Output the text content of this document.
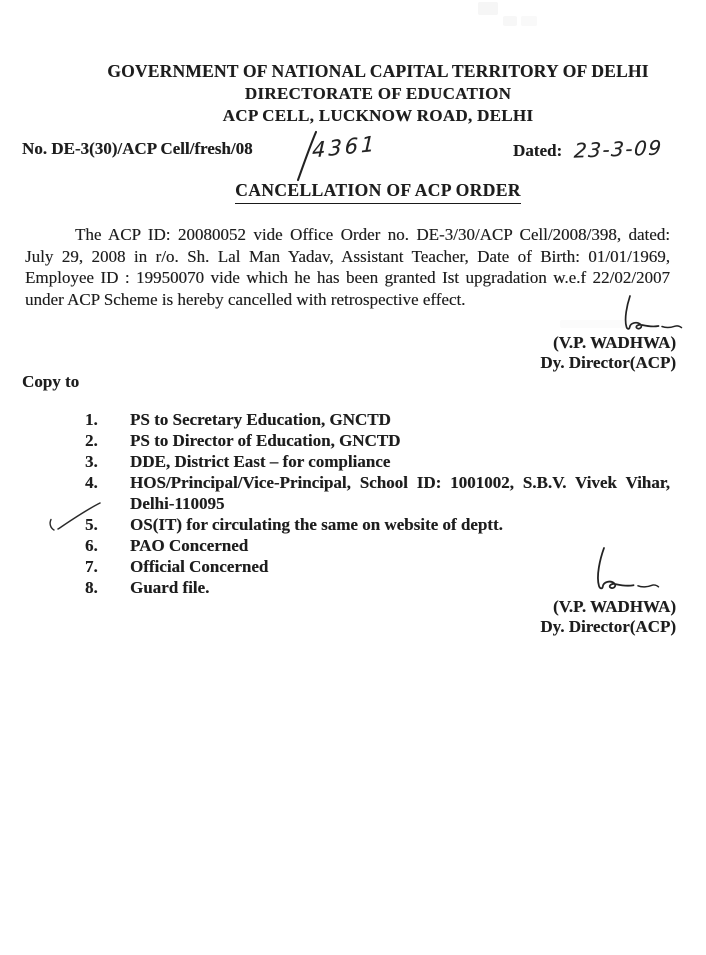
GOVERNMENT OF NATIONAL CAPITAL TERRITORY OF DELHI
DIRECTORATE OF EDUCATION
ACP CELL, LUCKNOW ROAD, DELHI
No. DE-3(30)/ACP Cell/fresh/08	4361	Dated: 23-3-09
CANCELLATION OF ACP ORDER
The ACP ID: 20080052 vide Office Order no. DE-3/30/ACP Cell/2008/398, dated: July 29, 2008 in r/o. Sh. Lal Man Yadav, Assistant Teacher, Date of Birth: 01/01/1969, Employee ID : 19950070 vide which he has been granted Ist upgradation w.e.f 22/02/2007 under ACP Scheme is hereby cancelled with retrospective effect.
(V.P. WADHWA)
Dy. Director(ACP)
Copy to
1.	PS to Secretary Education, GNCTD
2.	PS to Director of Education, GNCTD
3.	DDE, District East – for compliance
4.	HOS/Principal/Vice-Principal, School ID: 1001002, S.B.V. Vivek Vihar, Delhi-110095
5.	OS(IT) for circulating the same on website of deptt.
6.	PAO Concerned
7.	Official Concerned
8.	Guard file.
(V.P. WADHWA)
Dy. Director(ACP)
